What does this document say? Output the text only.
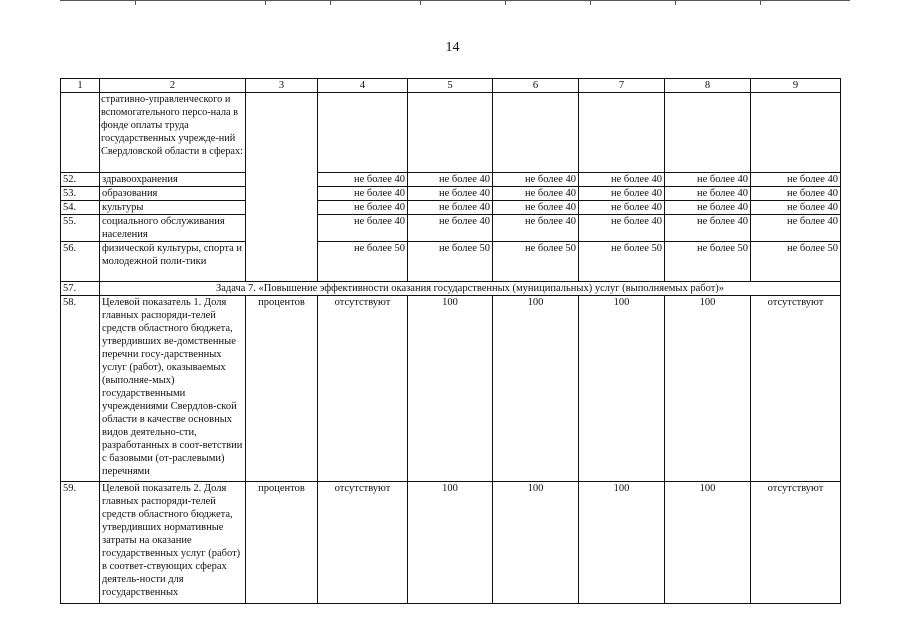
14
1	2	3	4	5	6	7	8	9
	стративно-управленческого и вспомогательного персо-нала в фонде оплаты труда государственных учрежде-ний Свердловской области в сферах:							
52.	здравоохранения		не более 40	не более 40	не более 40	не более 40	не более 40	не более 40
53.	образования		не более 40	не более 40	не более 40	не более 40	не более 40	не более 40
54.	культуры		не более 40	не более 40	не более 40	не более 40	не более 40	не более 40
55.	социального обслуживания населения		не более 40	не более 40	не более 40	не более 40	не более 40	не более 40
56.	физической культуры, спорта и молодежной поли-тики		не более 50	не более 50	не более 50	не более 50	не более 50	не более 50
57.	Задача 7. «Повышение эффективности оказания государственных (муниципальных) услуг (выполняемых работ)»							
58.	Целевой показатель 1. Доля главных распоряди-телей средств областного бюджета, утвердивших ве-домственные перечни госу-дарственных услуг (работ), оказываемых (выполняе-мых) государственными учреждениями Свердлов-ской области в качестве основных видов деятельно-сти, разработанных в соот-ветствии с базовыми (от-раслевыми) перечнями	процентов	отсутствуют	100	100	100	100	отсутствуют
59.	Целевой показатель 2. Доля главных распоряди-телей средств областного бюджета, утвердивших нормативные затраты на оказание государственных услуг (работ) в соответ-ствующих сферах деятель-ности для государственных	процентов	отсутствуют	100	100	100	100	отсутствуют
